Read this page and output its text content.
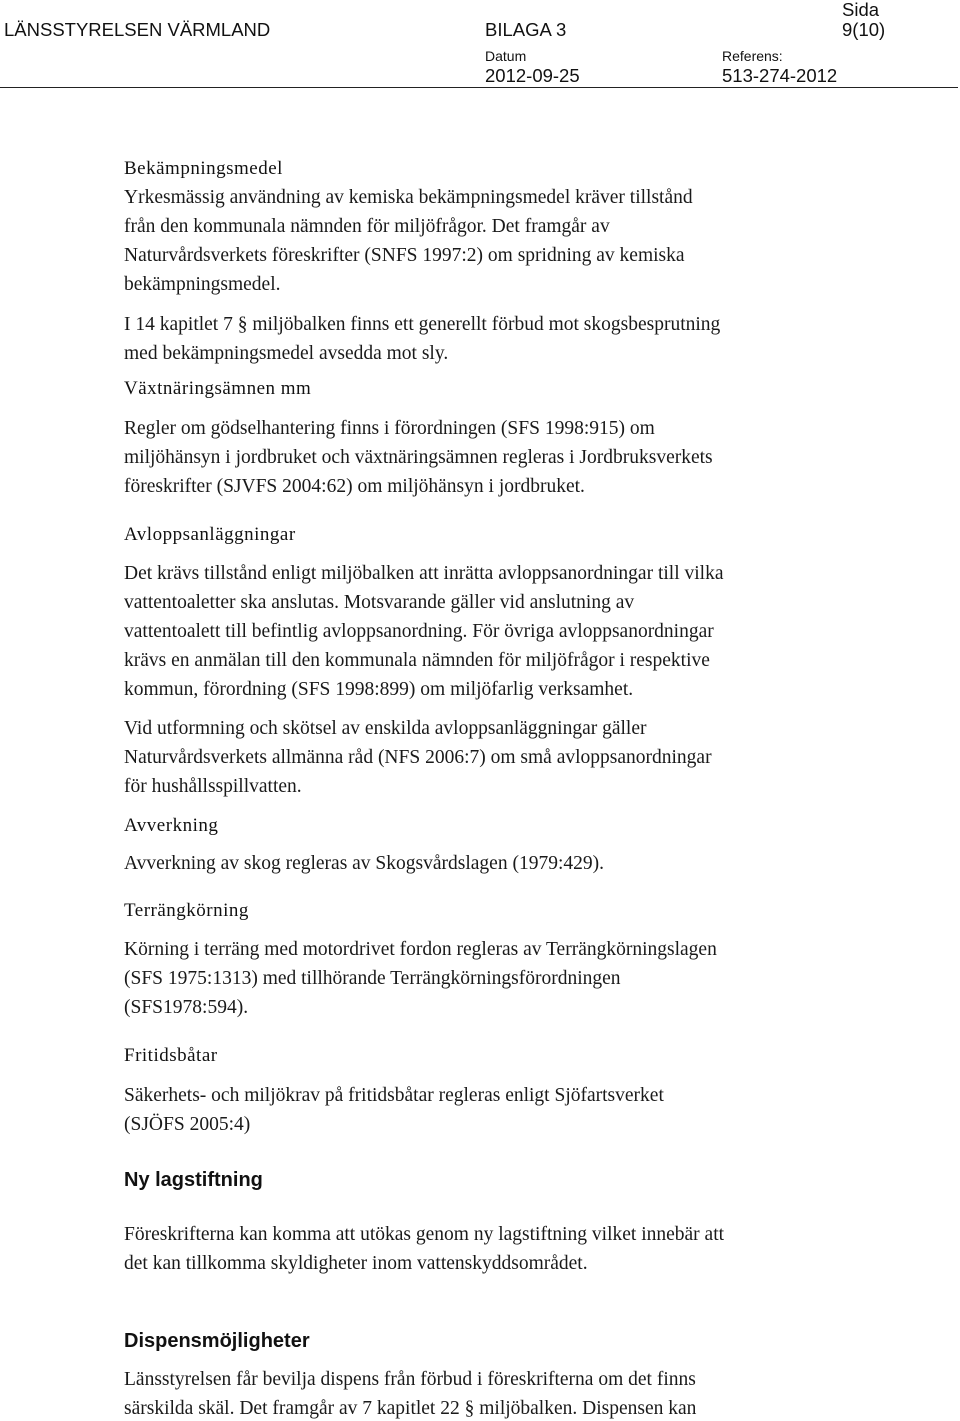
LÄNSSTYRELSEN VÄRMLAND	BILAGA 3
Sida
9(10)
Datum	Referens:
2012-09-25	513-274-2012
Bekämpningsmedel
Yrkesmässig användning av kemiska bekämpningsmedel kräver tillstånd
från den kommunala nämnden för miljöfrågor. Det framgår av
Naturvårdsverkets föreskrifter (SNFS 1997:2) om spridning av kemiska
bekämpningsmedel.
I 14 kapitlet 7 § miljöbalken finns ett generellt förbud mot skogsbesprutning
med bekämpningsmedel avsedda mot sly.
Växtnäringsämnen mm
Regler om gödselhantering finns i förordningen (SFS 1998:915) om
miljöhänsyn i jordbruket och växtnäringsämnen regleras i Jordbruksverkets
föreskrifter (SJVFS 2004:62) om miljöhänsyn i jordbruket.
Avloppsanläggningar
Det krävs tillstånd enligt miljöbalken att inrätta avloppsanordningar till vilka
vattentoaletter ska anslutas. Motsvarande gäller vid anslutning av
vattentoalett till befintlig avloppsanordning. För övriga avloppsanordningar
krävs en anmälan till den kommunala nämnden för miljöfrågor i respektive
kommun, förordning (SFS 1998:899) om miljöfarlig verksamhet.
Vid utformning och skötsel av enskilda avloppsanläggningar gäller
Naturvårdsverkets allmänna råd (NFS 2006:7) om små avloppsanordningar
för hushållsspillvatten.
Avverkning
Avverkning av skog regleras av Skogsvårdslagen (1979:429).
Terrängkörning
Körning i terräng med motordrivet fordon regleras av Terrängkörningslagen
(SFS 1975:1313) med tillhörande Terrängkörningsförordningen
(SFS1978:594).
Fritidsbåtar
Säkerhets- och miljökrav på fritidsbåtar regleras enligt Sjöfartsverket
(SJÖFS 2005:4)
Ny lagstiftning
Föreskrifterna kan komma att utökas genom ny lagstiftning vilket innebär att
det kan tillkomma skyldigheter inom vattenskyddsområdet.
Dispensmöjligheter
Länsstyrelsen får bevilja dispens från förbud i föreskrifterna om det finns
särskilda skäl. Det framgår av 7 kapitlet 22 § miljöbalken. Dispensen kan
